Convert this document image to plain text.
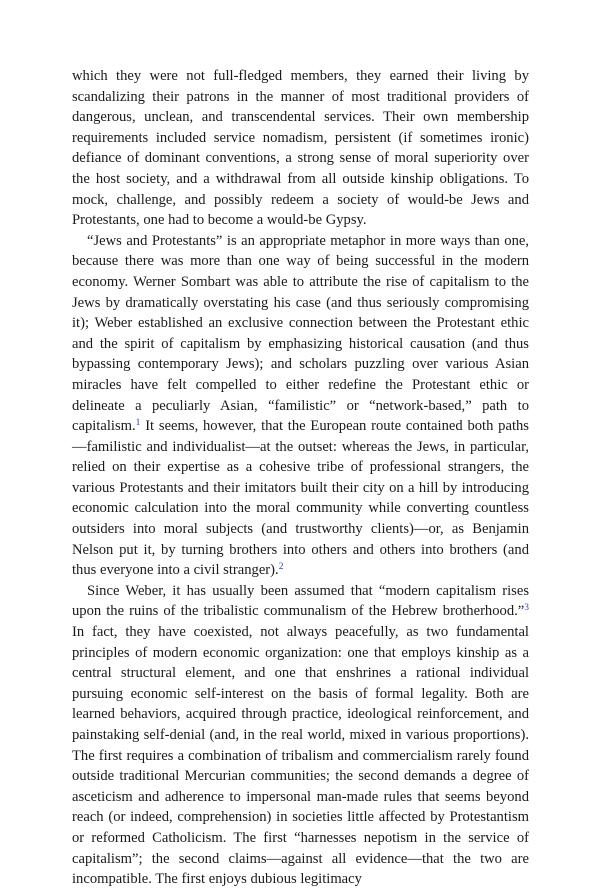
which they were not full-fledged members, they earned their living by scandalizing their patrons in the manner of most traditional providers of dangerous, unclean, and transcendental services. Their own membership requirements included service nomadism, persistent (if sometimes ironic) defiance of dominant conventions, a strong sense of moral superiority over the host society, and a withdrawal from all outside kinship obligations. To mock, challenge, and possibly redeem a society of would-be Jews and Protestants, one had to become a would-be Gypsy.

“Jews and Protestants” is an appropriate metaphor in more ways than one, because there was more than one way of being successful in the modern economy. Werner Sombart was able to attribute the rise of capitalism to the Jews by dramatically overstating his case (and thus seriously compromising it); Weber established an exclusive connection between the Protestant ethic and the spirit of capitalism by emphasizing historical causation (and thus bypassing contemporary Jews); and scholars puzzling over various Asian miracles have felt compelled to either redefine the Protestant ethic or delineate a peculiarly Asian, “familistic” or “network-based,” path to capitalism.$^1$ It seems, however, that the European route contained both paths—familistic and individualist—at the outset: whereas the Jews, in particular, relied on their expertise as a cohesive tribe of professional strangers, the various Protestants and their imitators built their city on a hill by introducing economic calculation into the moral community while converting countless outsiders into moral subjects (and trustworthy clients)—or, as Benjamin Nelson put it, by turning brothers into others and others into brothers (and thus everyone into a civil stranger).$^2$

Since Weber, it has usually been assumed that “modern capitalism rises upon the ruins of the tribalistic communalism of the Hebrew brotherhood.”$^3$ In fact, they have coexisted, not always peacefully, as two fundamental principles of modern economic organization: one that employs kinship as a central structural element, and one that enshrines a rational individual pursuing economic self-interest on the basis of formal legality. Both are learned behaviors, acquired through practice, ideological reinforcement, and painstaking self-denial (and, in the real world, mixed in various proportions). The first requires a combination of tribalism and commercialism rarely found outside traditional Mercurian communities; the second demands a degree of asceticism and adherence to impersonal man-made rules that seems beyond reach (or indeed, comprehension) in societies little affected by Protestantism or reformed Catholicism. The first “harnesses nepotism in the service of capitalism”; the second claims—against all evidence—that the two are incompatible. The first enjoys dubious legitimacy
